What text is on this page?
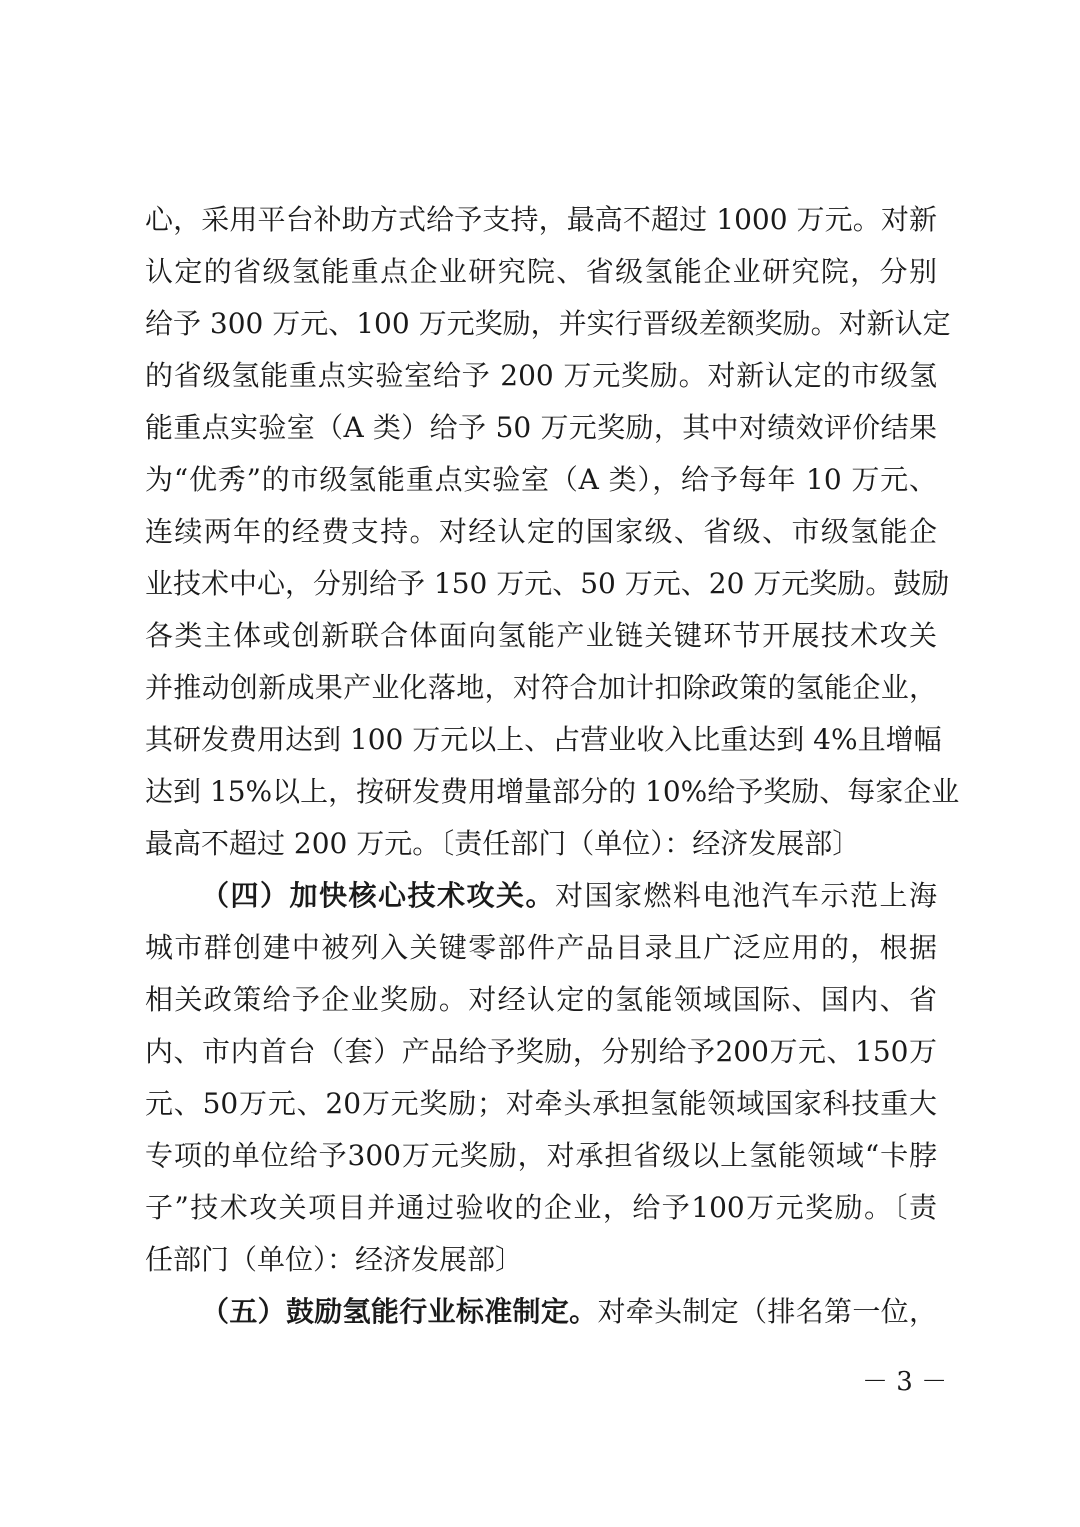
心，采用平台补助方式给予支持，最高不超过 1000 万元。对新
认定的省级氢能重点企业研究院、省级氢能企业研究院，分别
给予 300 万元、100 万元奖励，并实行晋级差额奖励。对新认定
的省级氢能重点实验室给予 200 万元奖励。对新认定的市级氢
能重点实验室（A 类）给予 50 万元奖励，其中对绩效评价结果
为“优秀”的市级氢能重点实验室（A 类），给予每年 10 万元、
连续两年的经费支持。对经认定的国家级、省级、市级氢能企
业技术中心，分别给予 150 万元、50 万元、20 万元奖励。鼓励
各类主体或创新联合体面向氢能产业链关键环节开展技术攻关
并推动创新成果产业化落地，对符合加计扣除政策的氢能企业，
其研发费用达到 100 万元以上、占营业收入比重达到 4%且增幅
达到 15%以上，按研发费用增量部分的 10%给予奖励、每家企业
最高不超过 200 万元。〔责任部门（单位）：经济发展部〕
（四）加快核心技术攻关。对国家燃料电池汽车示范上海
城市群创建中被列入关键零部件产品目录且广泛应用的，根据
相关政策给予企业奖励。对经认定的氢能领域国际、国内、省
内、市内首台（套）产品给予奖励，分别给予200万元、150万
元、50万元、20万元奖励；对牵头承担氢能领域国家科技重大
专项的单位给予300万元奖励，对承担省级以上氢能领域“卡脖
子”技术攻关项目并通过验收的企业，给予100万元奖励。〔责
任部门（单位）：经济发展部〕
（五）鼓励氢能行业标准制定。对牵头制定（排名第一位，
－ 3 －
